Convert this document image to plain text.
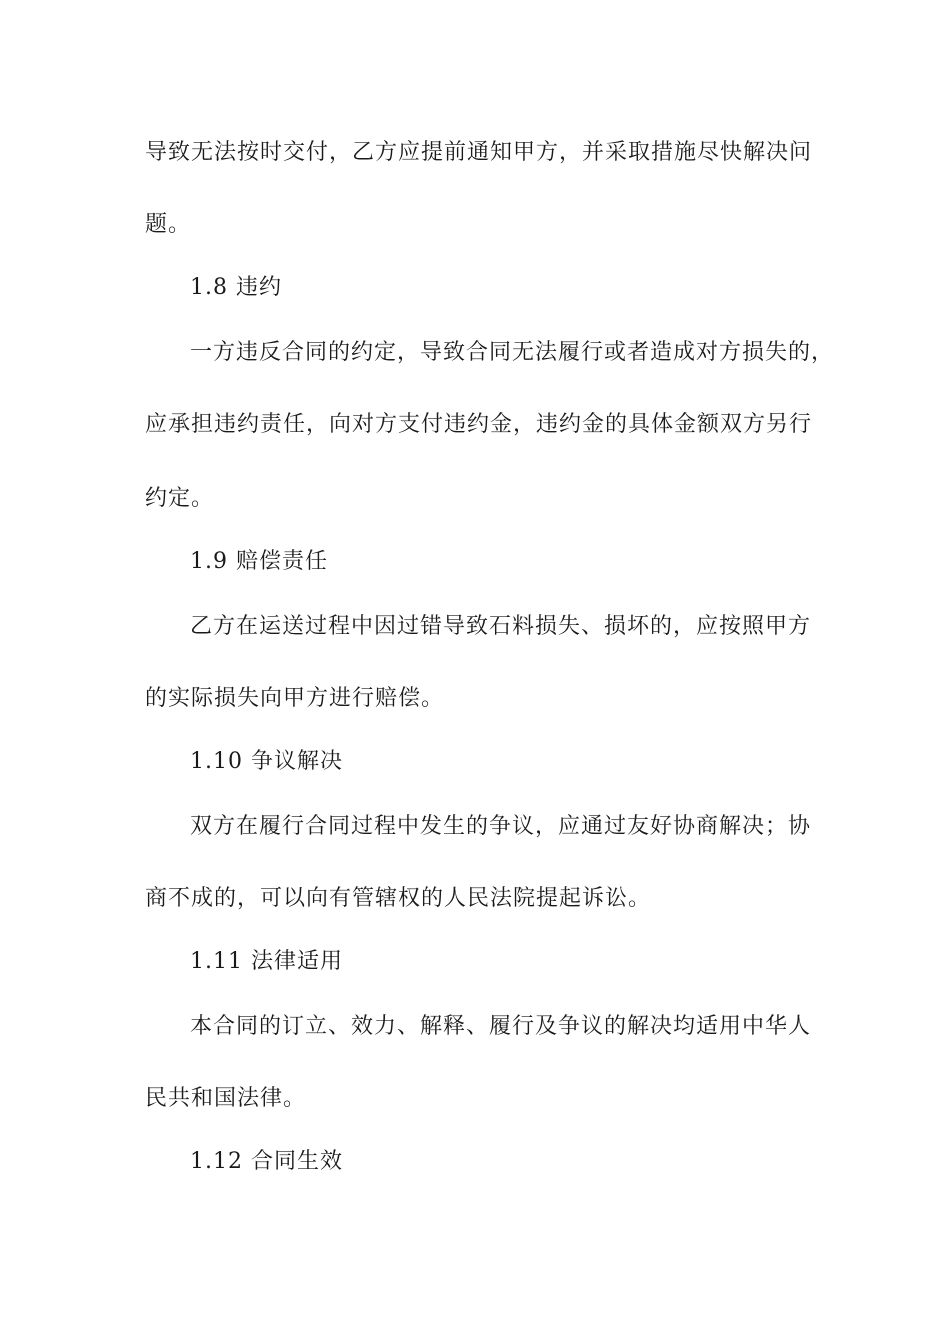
导致无法按时交付，乙方应提前通知甲方，并采取措施尽快解决问
题。
1.8 违约
一方违反合同的约定，导致合同无法履行或者造成对方损失的，
应承担违约责任，向对方支付违约金，违约金的具体金额双方另行
约定。
1.9 赔偿责任
乙方在运送过程中因过错导致石料损失、损坏的，应按照甲方
的实际损失向甲方进行赔偿。
1.10 争议解决
双方在履行合同过程中发生的争议，应通过友好协商解决；协
商不成的，可以向有管辖权的人民法院提起诉讼。
1.11 法律适用
本合同的订立、效力、解释、履行及争议的解决均适用中华人
民共和国法律。
1.12 合同生效
